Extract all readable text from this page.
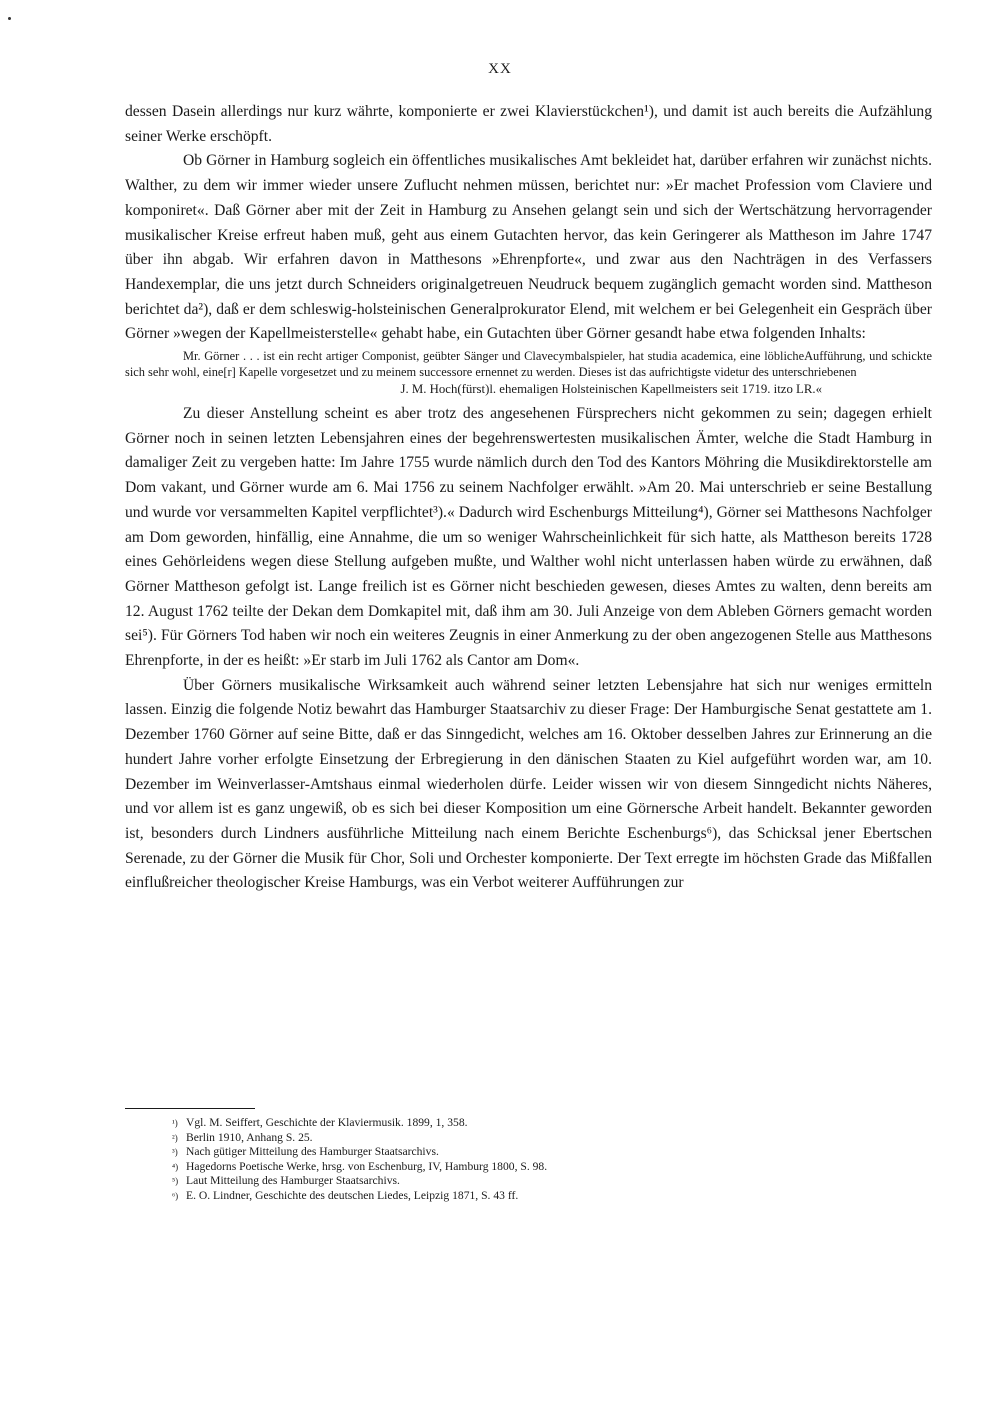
XX

dessen Dasein allerdings nur kurz währte, komponierte er zwei Klavierstückchen¹), und damit ist auch bereits die Aufzählung seiner Werke erschöpft.

Ob Görner in Hamburg sogleich ein öffentliches musikalisches Amt bekleidet hat, darüber erfahren wir zunächst nichts. Walther, zu dem wir immer wieder unsere Zuflucht nehmen müssen, berichtet nur: »Er machet Profession vom Claviere und komponiret«. Daß Görner aber mit der Zeit in Hamburg zu Ansehen gelangt sein und sich der Wertschätzung hervorragender musikalischer Kreise erfreut haben muß, geht aus einem Gutachten hervor, das kein Geringerer als Mattheson im Jahre 1747 über ihn abgab. Wir erfahren davon in Matthesons »Ehrenpforte«, und zwar aus den Nachträgen in des Verfassers Handexemplar, die uns jetzt durch Schneiders originalgetreuen Neudruck bequem zugänglich gemacht worden sind. Mattheson berichtet da²), daß er dem schleswig-holsteinischen Generalprokurator Elend, mit welchem er bei Gelegenheit ein Gespräch über Görner »wegen der Kapellmeisterstelle« gehabt habe, ein Gutachten über Görner gesandt habe etwa folgenden Inhalts:

Mr. Görner . . . ist ein recht artiger Componist, geübter Sänger und Clavecymbalspieler, hat studia academica, eine löblicheAufführung, und schickte sich sehr wohl, eine[r] Kapelle vorgesetzet und zu meinem successore ernennet zu werden. Dieses ist das aufrichtigste videtur des unterschriebenen
J. M. Hoch(fürst)l. ehemaligen Holsteinischen Kapellmeisters seit 1719. itzo LR.«

Zu dieser Anstellung scheint es aber trotz des angesehenen Fürsprechers nicht gekommen zu sein; dagegen erhielt Görner noch in seinen letzten Lebensjahren eines der begehrenswertesten musikalischen Ämter, welche die Stadt Hamburg in damaliger Zeit zu vergeben hatte: Im Jahre 1755 wurde nämlich durch den Tod des Kantors Möhring die Musikdirektorstelle am Dom vakant, und Görner wurde am 6. Mai 1756 zu seinem Nachfolger erwählt. »Am 20. Mai unterschrieb er seine Bestallung und wurde vor versammelten Kapitel verpflichtet³).« Dadurch wird Eschenburgs Mitteilung⁴), Görner sei Matthesons Nachfolger am Dom geworden, hinfällig, eine Annahme, die um so weniger Wahrscheinlichkeit für sich hatte, als Mattheson bereits 1728 eines Gehörleidens wegen diese Stellung aufgeben mußte, und Walther wohl nicht unterlassen haben würde zu erwähnen, daß Görner Mattheson gefolgt ist. Lange freilich ist es Görner nicht beschieden gewesen, dieses Amtes zu walten, denn bereits am 12. August 1762 teilte der Dekan dem Domkapitel mit, daß ihm am 30. Juli Anzeige von dem Ableben Görners gemacht worden sei⁵). Für Görners Tod haben wir noch ein weiteres Zeugnis in einer Anmerkung zu der oben angezogenen Stelle aus Matthesons Ehrenpforte, in der es heißt: »Er starb im Juli 1762 als Cantor am Dom«.

Über Görners musikalische Wirksamkeit auch während seiner letzten Lebensjahre hat sich nur weniges ermitteln lassen. Einzig die folgende Notiz bewahrt das Hamburger Staatsarchiv zu dieser Frage: Der Hamburgische Senat gestattete am 1. Dezember 1760 Görner auf seine Bitte, daß er das Sinngedicht, welches am 16. Oktober desselben Jahres zur Erinnerung an die hundert Jahre vorher erfolgte Einsetzung der Erbregierung in den dänischen Staaten zu Kiel aufgeführt worden war, am 10. Dezember im Weinverlasser-Amtshaus einmal wiederholen dürfe. Leider wissen wir von diesem Sinngedicht nichts Näheres, und vor allem ist es ganz ungewiß, ob es sich bei dieser Komposition um eine Görnersche Arbeit handelt. Bekannter geworden ist, besonders durch Lindners ausführliche Mitteilung nach einem Berichte Eschenburgs⁶), das Schicksal jener Ebertschen Serenade, zu der Görner die Musik für Chor, Soli und Orchester komponierte. Der Text erregte im höchsten Grade das Mißfallen einflußreicher theologischer Kreise Hamburgs, was ein Verbot weiterer Aufführungen zur

¹) Vgl. M. Seiffert, Geschichte der Klaviermusik. 1899, 1, 358.
²) Berlin 1910, Anhang S. 25.
³) Nach gütiger Mitteilung des Hamburger Staatsarchivs.
⁴) Hagedorns Poetische Werke, hrsg. von Eschenburg, IV, Hamburg 1800, S. 98.
⁵) Laut Mitteilung des Hamburger Staatsarchivs.
⁶) E. O. Lindner, Geschichte des deutschen Liedes, Leipzig 1871, S. 43 ff.
